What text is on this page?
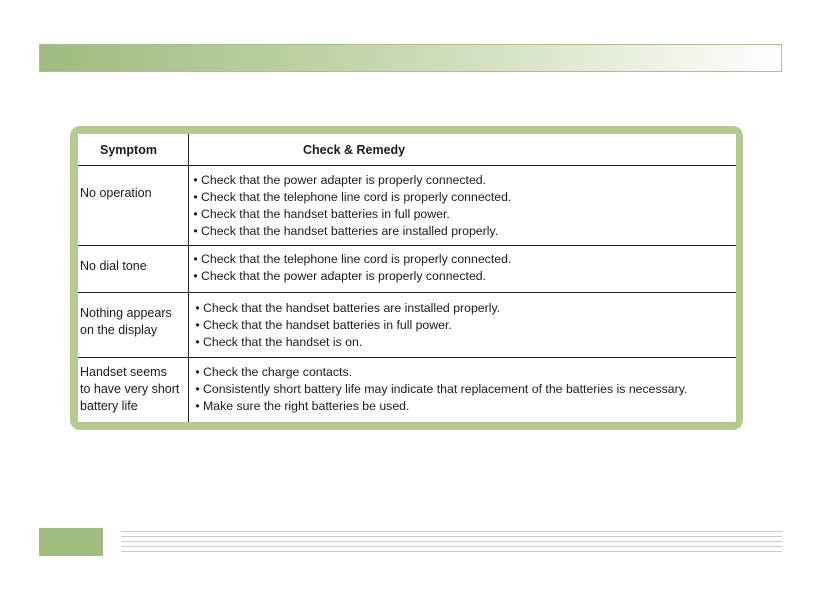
Symptom	Check & Remedy
No operation
• Check that the power adapter is properly connected.
• Check that the telephone line cord is properly connected.
• Check that the handset batteries in full power.
• Check that the handset batteries are installed properly.
No dial tone
•	Check that the telephone line cord is properly connected.
• Check that the power adapter is properly connected.
Nothing appears
on the display
• Check that the handset batteries are installed properly.
• Check that the handset batteries in full power.
• Check that the handset is on.
Handset seems
to have very short
battery life
• Check the charge contacts.
• Consistently short battery life may indicate that replacement of the batteries is necessary.
• Make sure the right batteries be used.
